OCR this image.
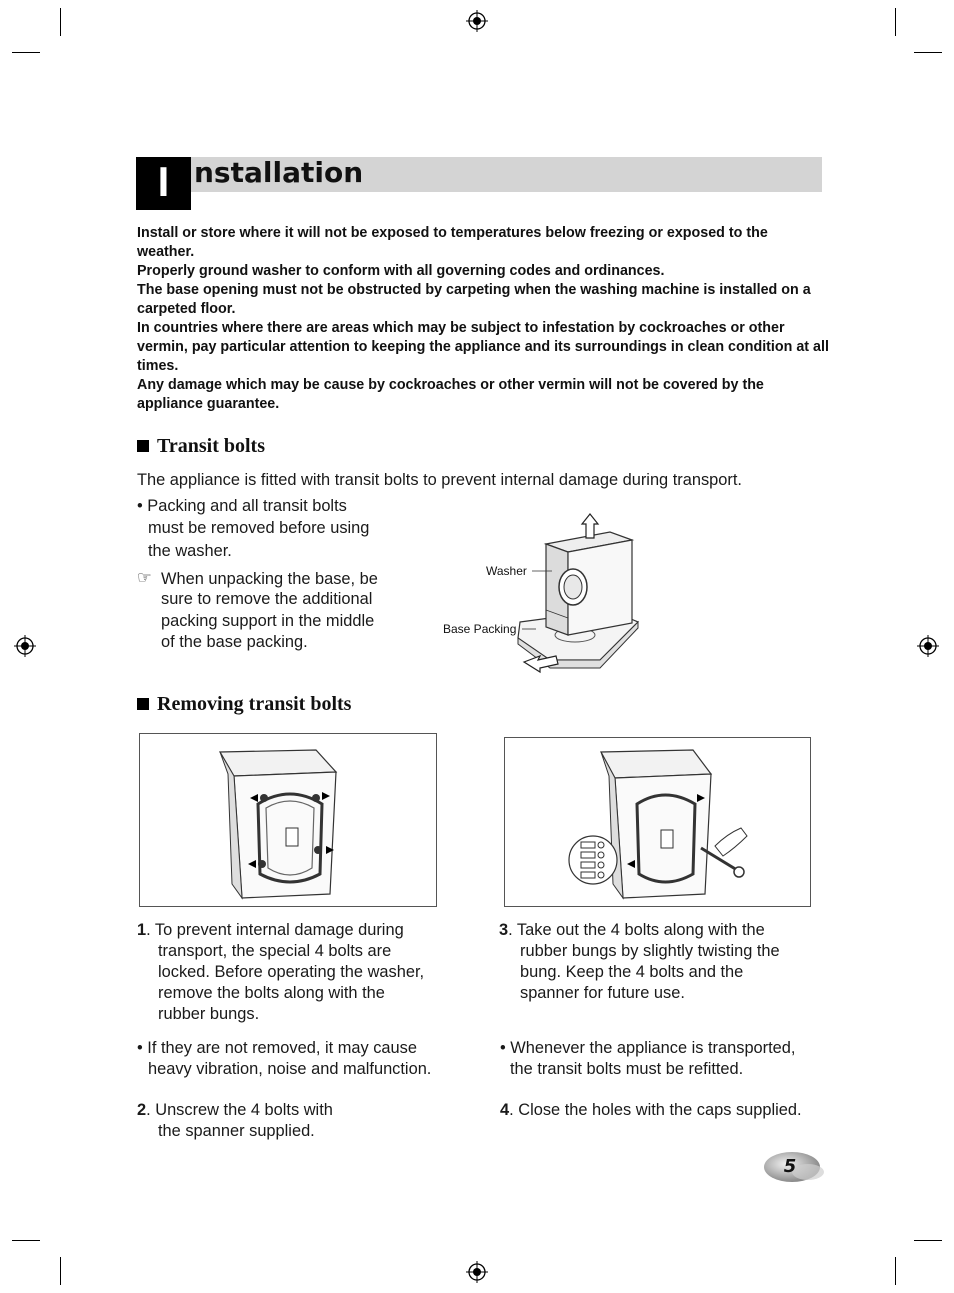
I nstallation
Install or store where it will not be exposed to temperatures below freezing or exposed to the weather.
Properly ground washer to conform with all governing codes and ordinances.
The base opening must not be obstructed by carpeting when the washing machine is installed on a carpeted floor.
In countries where there are areas which may be subject to infestation by cockroaches or other vermin, pay particular attention to keeping the appliance and its surroundings in clean condition at all times.
Any damage which may be cause by cockroaches or other vermin will not be covered by the appliance guarantee.
Transit bolts
The appliance is fitted with transit bolts to prevent internal damage during transport.
• Packing and all transit bolts
must be removed before using
the washer.
☞ When unpacking the base, be
sure to remove the additional
packing support in the middle
of the base packing.
Washer
Base Packing
Removing transit bolts
1. To prevent internal damage during
transport, the special 4 bolts are
locked. Before operating the washer,
remove the bolts along with the
rubber bungs.
• If they are not removed, it may cause
heavy vibration, noise and malfunction.
2. Unscrew the 4 bolts with
the spanner supplied.
3. Take out the 4 bolts along with the
rubber bungs by slightly twisting the
bung. Keep the 4 bolts and the
spanner for future use.
• Whenever the appliance is transported,
the transit bolts must be refitted.
4. Close the holes with the caps supplied.
5
